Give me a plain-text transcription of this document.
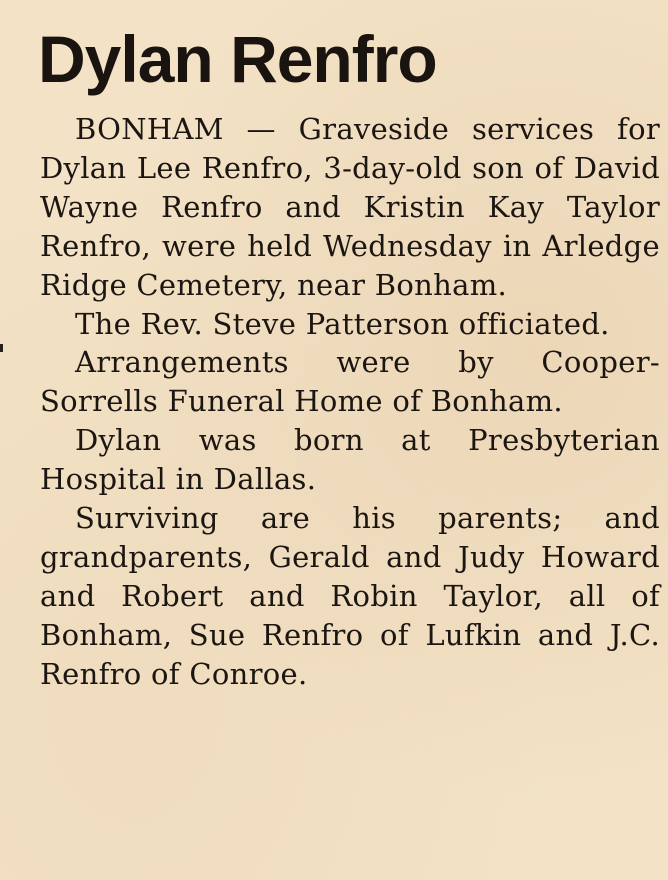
Dylan Renfro

BONHAM — Graveside services for Dylan Lee Renfro, 3-day-old son of David Wayne Renfro and Kristin Kay Taylor Renfro, were held Wednesday in Arledge Ridge Cemetery, near Bonham.

The Rev. Steve Patterson officiated.

Arrangements were by Cooper-Sorrells Funeral Home of Bonham.

Dylan was born at Presbyterian Hospital in Dallas.

Surviving are his parents; and grandparents, Gerald and Judy Howard and Robert and Robin Taylor, all of Bonham, Sue Renfro of Lufkin and J.C. Renfro of Conroe.
